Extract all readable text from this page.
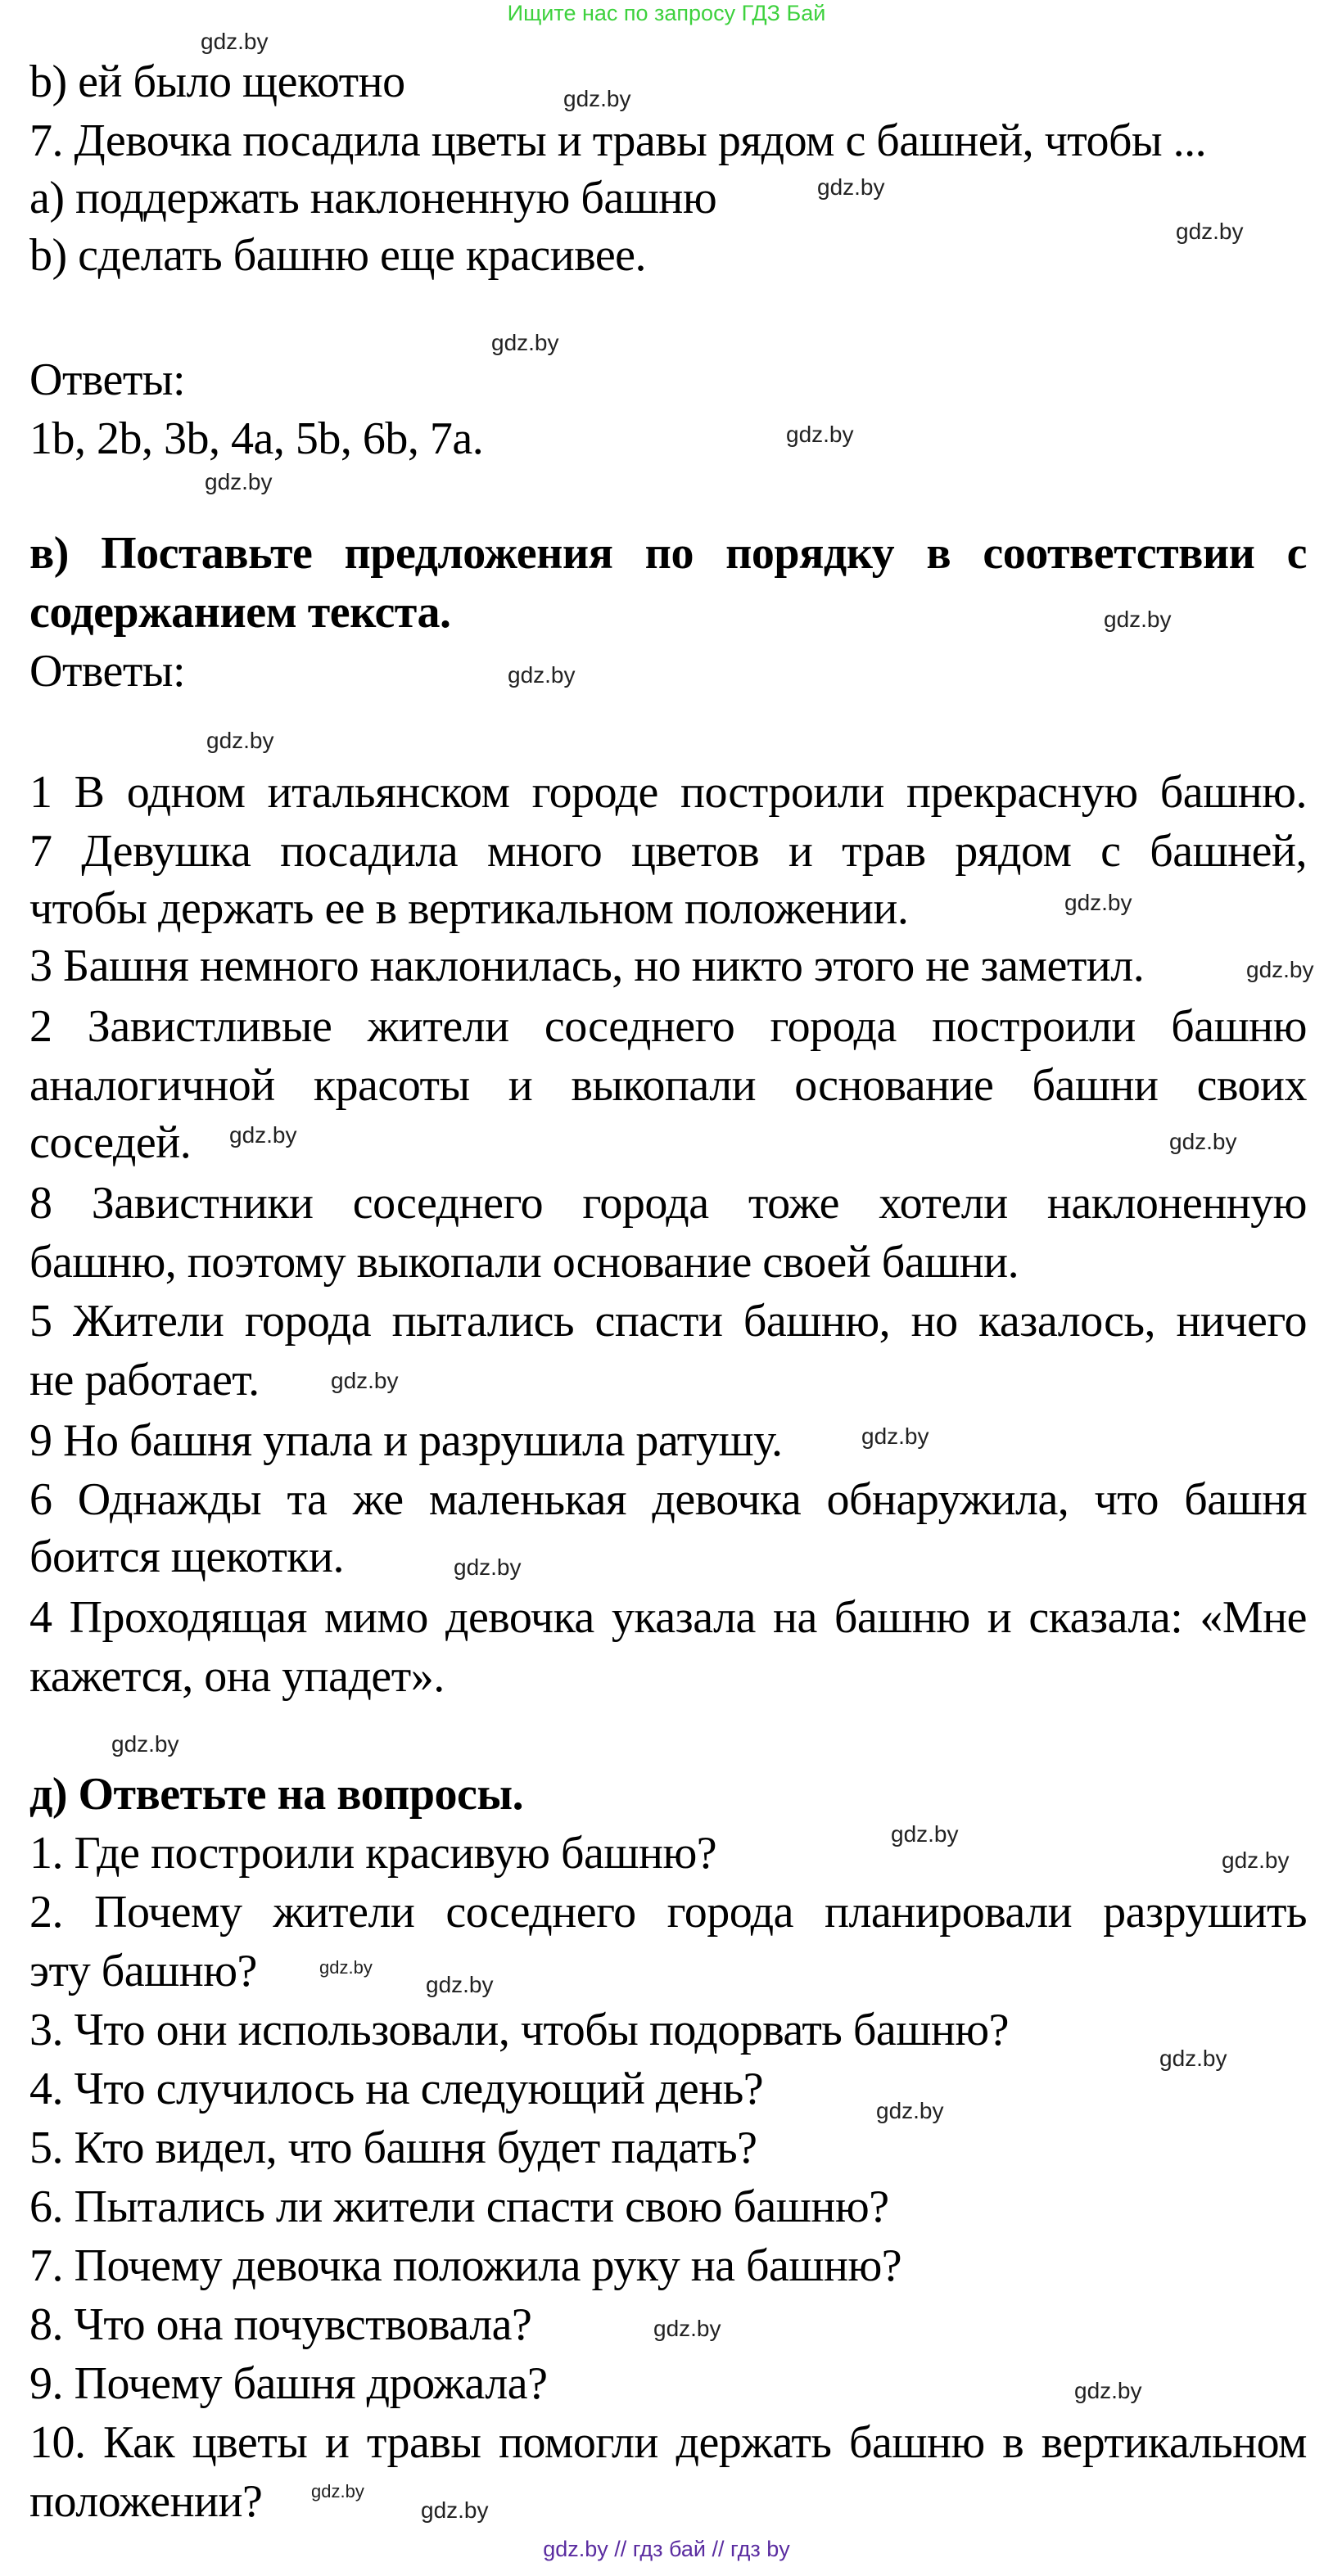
Ищите нас по запросу ГДЗ Бай
b) ей было щекотно
7. Девочка посадила цветы и травы рядом с башней, чтобы ...
а) поддержать наклоненную башню
b) сделать башню еще красивее.
Ответы:
1b, 2b, 3b, 4a, 5b, 6b, 7a.
в) Поставьте предложения по порядку в соответствии с
содержанием текста.
Ответы:
1 В одном итальянском городе построили прекрасную башню.
7 Девушка посадила много цветов и трав рядом с башней,
чтобы держать ее в вертикальном положении.
3 Башня немного наклонилась, но никто этого не заметил.
2 Завистливые жители соседнего города построили башню
аналогичной красоты и выкопали основание башни своих
соседей.
8 Завистники соседнего города тоже хотели наклоненную
башню, поэтому выкопали основание своей башни.
5 Жители города пытались спасти башню, но казалось, ничего
не работает.
9 Но башня упала и разрушила ратушу.
6 Однажды та же маленькая девочка обнаружила, что башня
боится щекотки.
4 Проходящая мимо девочка указала на башню и сказала: «Мне
кажется, она упадет».
д) Ответьте на вопросы.
1. Где построили красивую башню?
2. Почему жители соседнего города планировали разрушить
эту башню?
3. Что они использовали, чтобы подорвать башню?
4. Что случилось на следующий день?
5. Кто видел, что башня будет падать?
6. Пытались ли жители спасти свою башню?
7. Почему девочка положила руку на башню?
8. Что она почувствовала?
9. Почему башня дрожала?
10. Как цветы и травы помогли держать башню в вертикальном
положении?
gdz.by
gdz.by
gdz.by
gdz.by
gdz.by
gdz.by
gdz.by
gdz.by
gdz.by
gdz.by
gdz.by
gdz.by
gdz.by	gdz.by
gdz.by
gdz.by
gdz.by
gdz.by
gdz.by
gdz.by
gdz.by
gdz.by
gdz.by
gdz.by
gdz.by
gdz.by
gdz.by
gdz.by
gdz.by // гдз бай // гдз by
